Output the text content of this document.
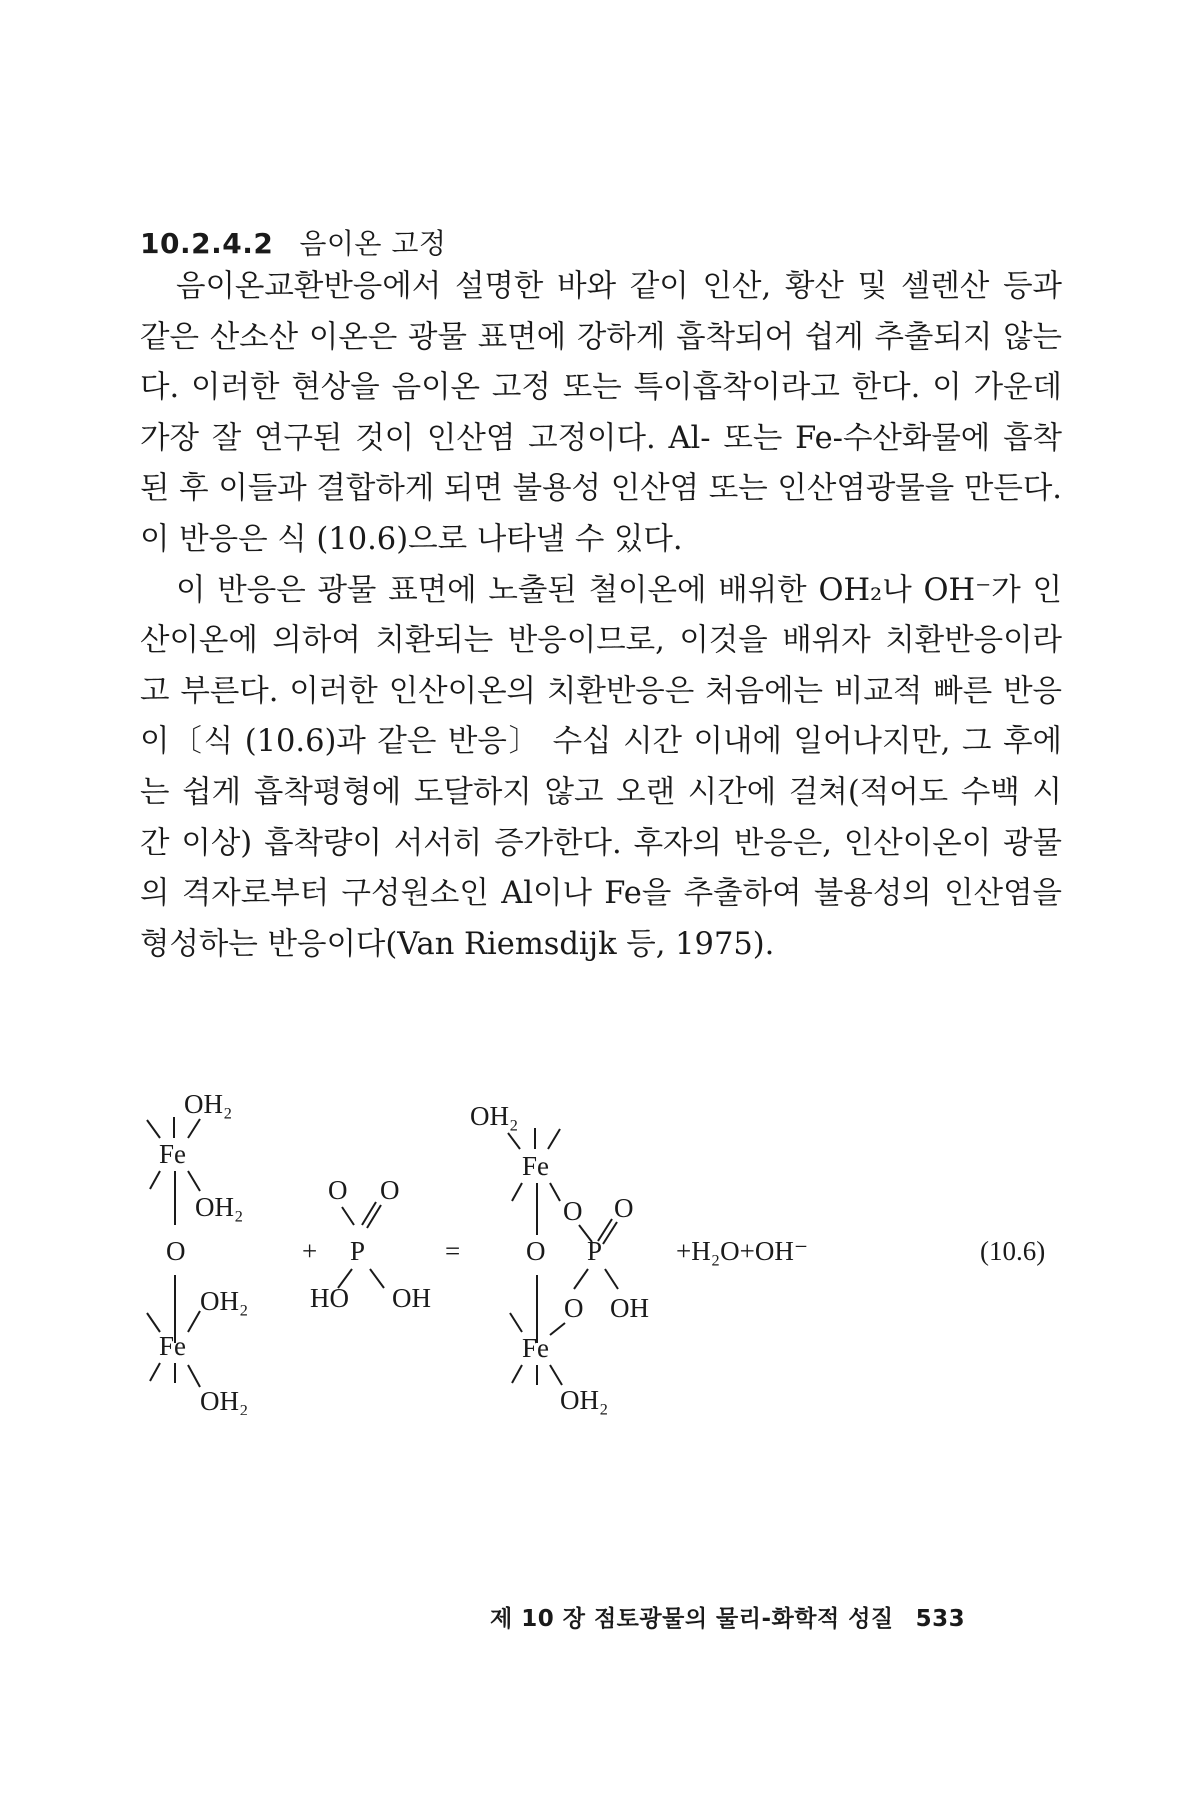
10.2.4.2 음이온 고정

음이온교환반응에서 설명한 바와 같이 인산, 황산 및 셀렌산 등과 같은 산소산 이온은 광물 표면에 강하게 흡착되어 쉽게 추출되지 않는다. 이러한 현상을 음이온 고정 또는 특이흡착이라고 한다. 이 가운데 가장 잘 연구된 것이 인산염 고정이다. Al- 또는 Fe-수산화물에 흡착된 후 이들과 결합하게 되면 불용성 인산염 또는 인산염광물을 만든다. 이 반응은 식 (10.6)으로 나타낼 수 있다.

이 반응은 광물 표면에 노출된 철이온에 배위한 OH₂나 OH⁻가 인산이온에 의하여 치환되는 반응이므로, 이것을 배위자 치환반응이라고 부른다. 이러한 인산이온의 치환반응은 처음에는 비교적 빠른 반응이〔식 (10.6)과 같은 반응〕 수십 시간 이내에 일어나지만, 그 후에는 쉽게 흡착평형에 도달하지 않고 오랜 시간에 걸쳐(적어도 수백 시간 이상) 흡착량이 서서히 증가한다. 후자의 반응은, 인산이온이 광물의 격자로부터 구성원소인 Al이나 Fe을 추출하여 불용성의 인산염을 형성하는 반응이다(Van Riemsdijk 등, 1975).

OH₂
Fe
OH₂
O
OH₂
Fe
OH₂
+
O O
P
HO OH
=
OH₂
Fe
O O
O P
O OH
Fe
OH₂
+H₂O+OH⁻	(10.6)
제 10 장 점토광물의 물리-화학적 성질 533
